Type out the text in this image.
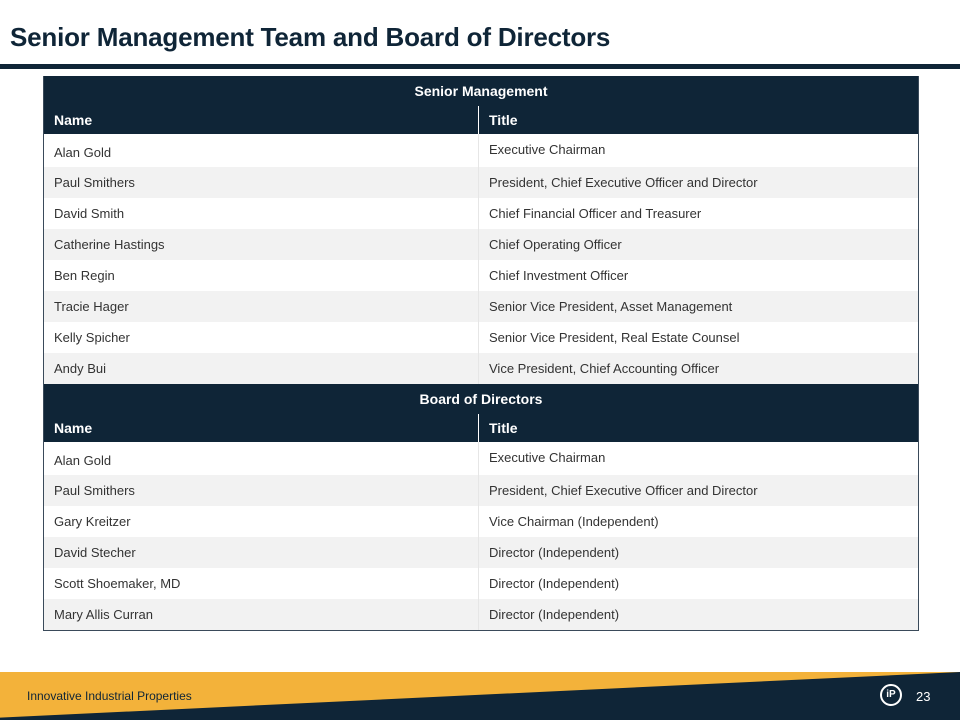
Senior Management Team and Board of Directors
Senior Management
Name	Title
Alan Gold	Executive Chairman
Paul Smithers	President, Chief Executive Officer and Director
David Smith	Chief Financial Officer and Treasurer
Catherine Hastings	Chief Operating Officer
Ben Regin	Chief Investment Officer
Tracie Hager	Senior Vice President, Asset Management
Kelly Spicher	Senior Vice President, Real Estate Counsel
Andy Bui	Vice President, Chief Accounting Officer
Board of Directors
Name	Title
Alan Gold	Executive Chairman
Paul Smithers	President, Chief Executive Officer and Director
Gary Kreitzer	Vice Chairman (Independent)
David Stecher	Director (Independent)
Scott Shoemaker, MD	Director (Independent)
Mary Allis Curran	Director (Independent)
Innovative Industrial Properties	iP	23
